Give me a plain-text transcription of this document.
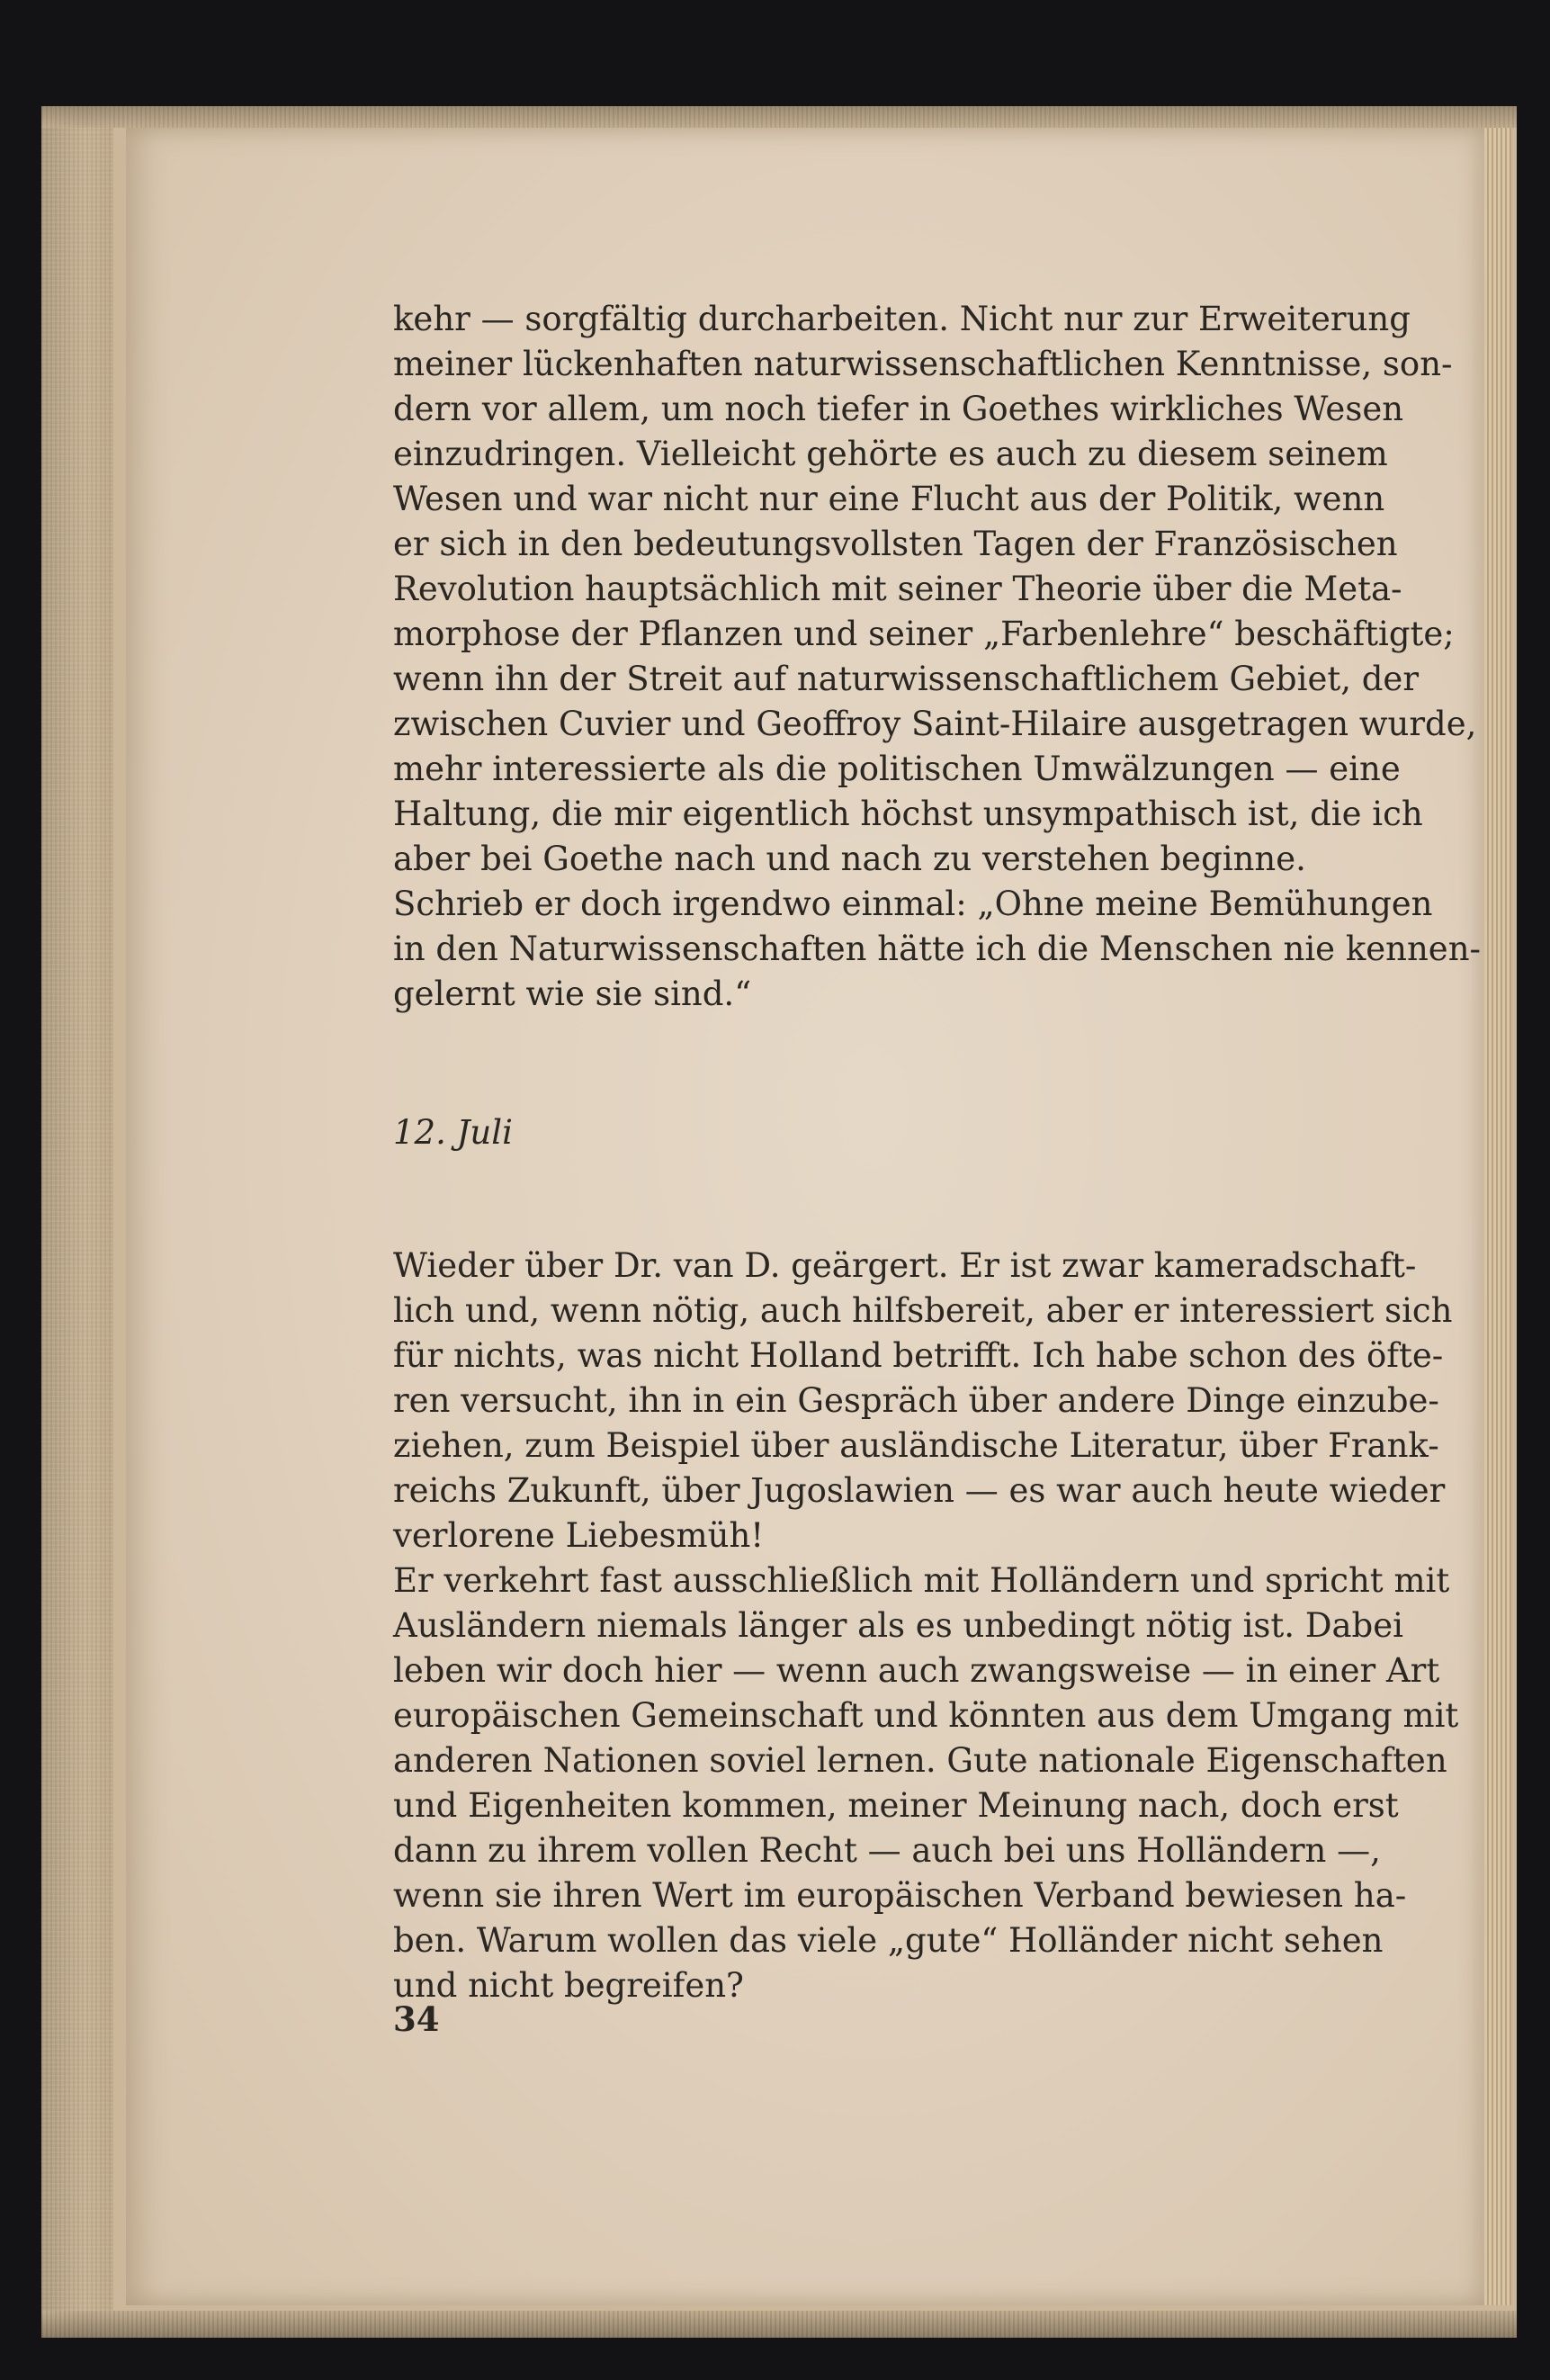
kehr — sorgfältig durcharbeiten. Nicht nur zur Erweiterung
meiner lückenhaften naturwissenschaftlichen Kenntnisse, son-
dern vor allem, um noch tiefer in Goethes wirkliches Wesen
einzudringen. Vielleicht gehörte es auch zu diesem seinem
Wesen und war nicht nur eine Flucht aus der Politik, wenn
er sich in den bedeutungsvollsten Tagen der Französischen
Revolution hauptsächlich mit seiner Theorie über die Meta-
morphose der Pflanzen und seiner „Farbenlehre“ beschäftigte;
wenn ihn der Streit auf naturwissenschaftlichem Gebiet, der
zwischen Cuvier und Geoffroy Saint-Hilaire ausgetragen wurde,
mehr interessierte als die politischen Umwälzungen — eine
Haltung, die mir eigentlich höchst unsympathisch ist, die ich
aber bei Goethe nach und nach zu verstehen beginne.
Schrieb er doch irgendwo einmal: „Ohne meine Bemühungen
in den Naturwissenschaften hätte ich die Menschen nie kennen-
gelernt wie sie sind.“
12. Juli
Wieder über Dr. van D. geärgert. Er ist zwar kameradschaft-
lich und, wenn nötig, auch hilfsbereit, aber er interessiert sich
für nichts, was nicht Holland betrifft. Ich habe schon des öfte-
ren versucht, ihn in ein Gespräch über andere Dinge einzube-
ziehen, zum Beispiel über ausländische Literatur, über Frank-
reichs Zukunft, über Jugoslawien — es war auch heute wieder
verlorene Liebesmüh!
Er verkehrt fast ausschließlich mit Holländern und spricht mit
Ausländern niemals länger als es unbedingt nötig ist. Dabei
leben wir doch hier — wenn auch zwangsweise — in einer Art
europäischen Gemeinschaft und könnten aus dem Umgang mit
anderen Nationen soviel lernen. Gute nationale Eigenschaften
und Eigenheiten kommen, meiner Meinung nach, doch erst
dann zu ihrem vollen Recht — auch bei uns Holländern —,
wenn sie ihren Wert im europäischen Verband bewiesen ha-
ben. Warum wollen das viele „gute“ Holländer nicht sehen
und nicht begreifen?
34
